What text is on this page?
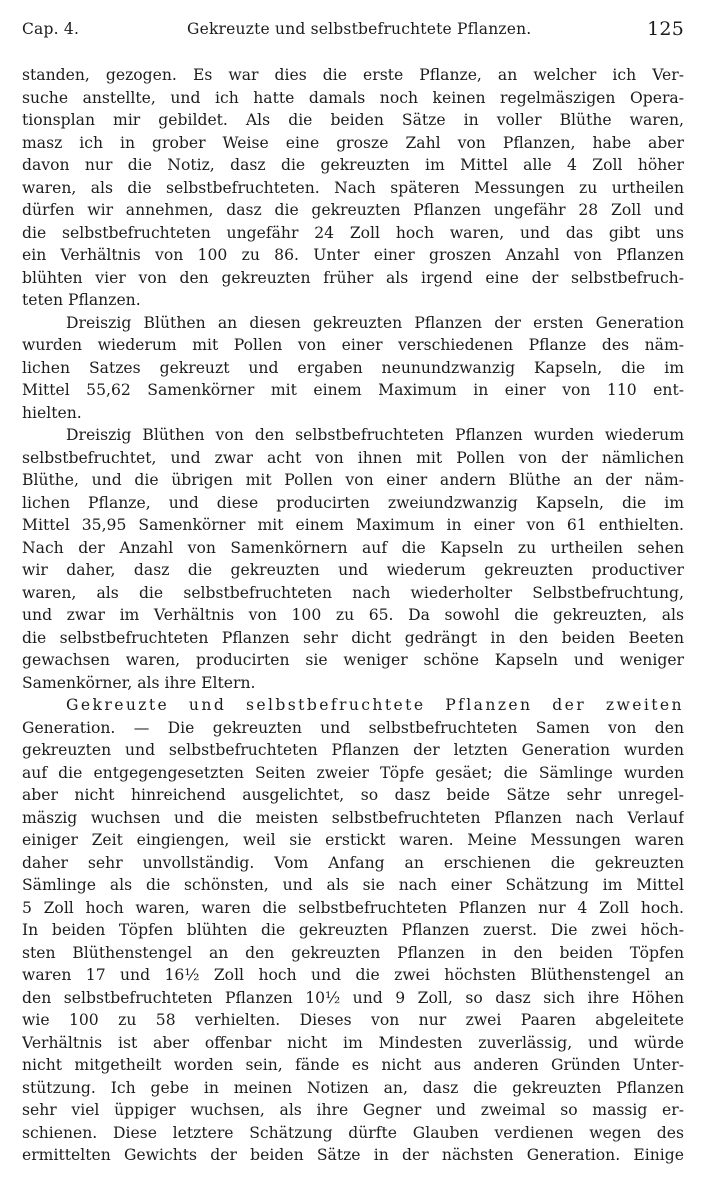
Cap. 4.	Gekreuzte und selbstbefruchtete Pflanzen.	125
standen, gezogen. Es war dies die erste Pflanze, an welcher ich Ver-
suche anstellte, und ich hatte damals noch keinen regelmäszigen Opera-
tionsplan mir gebildet. Als die beiden Sätze in voller Blüthe waren,
masz ich in grober Weise eine grosze Zahl von Pflanzen, habe aber
davon nur die Notiz, dasz die gekreuzten im Mittel alle 4 Zoll höher
waren, als die selbstbefruchteten. Nach späteren Messungen zu urtheilen
dürfen wir annehmen, dasz die gekreuzten Pflanzen ungefähr 28 Zoll und
die selbstbefruchteten ungefähr 24 Zoll hoch waren, und das gibt uns
ein Verhältnis von 100 zu 86. Unter einer groszen Anzahl von Pflanzen
blühten vier von den gekreuzten früher als irgend eine der selbstbefruch-
teten Pflanzen.
Dreiszig Blüthen an diesen gekreuzten Pflanzen der ersten Generation
wurden wiederum mit Pollen von einer verschiedenen Pflanze des näm-
lichen Satzes gekreuzt und ergaben neunundzwanzig Kapseln, die im
Mittel 55,62 Samenkörner mit einem Maximum in einer von 110 ent-
hielten.
Dreiszig Blüthen von den selbstbefruchteten Pflanzen wurden wiederum
selbstbefruchtet, und zwar acht von ihnen mit Pollen von der nämlichen
Blüthe, und die übrigen mit Pollen von einer andern Blüthe an der näm-
lichen Pflanze, und diese producirten zweiundzwanzig Kapseln, die im
Mittel 35,95 Samenkörner mit einem Maximum in einer von 61 enthielten.
Nach der Anzahl von Samenkörnern auf die Kapseln zu urtheilen sehen
wir daher, dasz die gekreuzten und wiederum gekreuzten productiver
waren, als die selbstbefruchteten nach wiederholter Selbstbefruchtung,
und zwar im Verhältnis von 100 zu 65. Da sowohl die gekreuzten, als
die selbstbefruchteten Pflanzen sehr dicht gedrängt in den beiden Beeten
gewachsen waren, producirten sie weniger schöne Kapseln und weniger
Samenkörner, als ihre Eltern.
Gekreuzte und selbstbefruchtete Pflanzen der zweiten
Generation. — Die gekreuzten und selbstbefruchteten Samen von den
gekreuzten und selbstbefruchteten Pflanzen der letzten Generation wurden
auf die entgegengesetzten Seiten zweier Töpfe gesäet; die Sämlinge wurden
aber nicht hinreichend ausgelichtet, so dasz beide Sätze sehr unregel-
mäszig wuchsen und die meisten selbstbefruchteten Pflanzen nach Verlauf
einiger Zeit eingiengen, weil sie erstickt waren. Meine Messungen waren
daher sehr unvollständig. Vom Anfang an erschienen die gekreuzten
Sämlinge als die schönsten, und als sie nach einer Schätzung im Mittel
5 Zoll hoch waren, waren die selbstbefruchteten Pflanzen nur 4 Zoll hoch.
In beiden Töpfen blühten die gekreuzten Pflanzen zuerst. Die zwei höch-
sten Blüthenstengel an den gekreuzten Pflanzen in den beiden Töpfen
waren 17 und 16½ Zoll hoch und die zwei höchsten Blüthenstengel an
den selbstbefruchteten Pflanzen 10½ und 9 Zoll, so dasz sich ihre Höhen
wie 100 zu 58 verhielten. Dieses von nur zwei Paaren abgeleitete
Verhältnis ist aber offenbar nicht im Mindesten zuverlässig, und würde
nicht mitgetheilt worden sein, fände es nicht aus anderen Gründen Unter-
stützung. Ich gebe in meinen Notizen an, dasz die gekreuzten Pflanzen
sehr viel üppiger wuchsen, als ihre Gegner und zweimal so massig er-
schienen. Diese letztere Schätzung dürfte Glauben verdienen wegen des
ermittelten Gewichts der beiden Sätze in der nächsten Generation. Einige
